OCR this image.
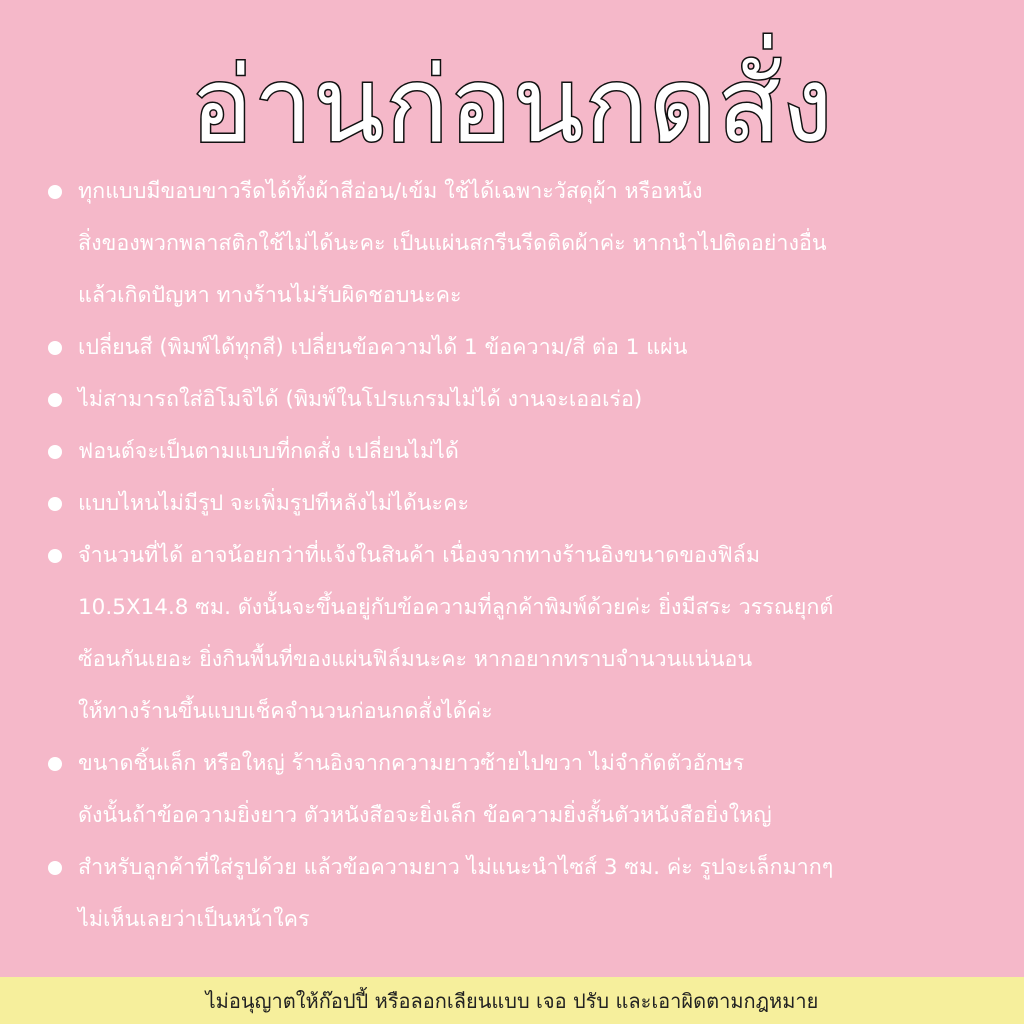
อ่านก่อนกดสั่ง
ทุกแบบมีขอบขาวรีดได้ทั้งผ้าสีอ่อน/เข้ม ใช้ได้เฉพาะวัสดุผ้า หรือหนัง
สิ่งของพวกพลาสติกใช้ไม่ได้นะคะ เป็นแผ่นสกรีนรีดติดผ้าค่ะ หากนำไปติดอย่างอื่น
แล้วเกิดปัญหา ทางร้านไม่รับผิดชอบนะคะ
เปลี่ยนสี (พิมพ์ได้ทุกสี) เปลี่ยนข้อความได้ 1 ข้อความ/สี ต่อ 1 แผ่น
ไม่สามารถใส่อิโมจิได้ (พิมพ์ในโปรแกรมไม่ได้ งานจะเออเร่อ)
ฟอนต์จะเป็นตามแบบที่กดสั่ง เปลี่ยนไม่ได้
แบบไหนไม่มีรูป จะเพิ่มรูปทีหลังไม่ได้นะคะ
จำนวนที่ได้ อาจน้อยกว่าที่แจ้งในสินค้า เนื่องจากทางร้านอิงขนาดของฟิล์ม
10.5X14.8 ซม. ดังนั้นจะขึ้นอยู่กับข้อความที่ลูกค้าพิมพ์ด้วยค่ะ ยิ่งมีสระ วรรณยุกต์
ซ้อนกันเยอะ ยิ่งกินพื้นที่ของแผ่นฟิล์มนะคะ หากอยากทราบจำนวนแน่นอน
ให้ทางร้านขึ้นแบบเช็คจำนวนก่อนกดสั่งได้ค่ะ
ขนาดชิ้นเล็ก หรือใหญ่ ร้านอิงจากความยาวซ้ายไปขวา ไม่จำกัดตัวอักษร
ดังนั้นถ้าข้อความยิ่งยาว ตัวหนังสือจะยิ่งเล็ก ข้อความยิ่งสั้นตัวหนังสือยิ่งใหญ่
สำหรับลูกค้าที่ใส่รูปด้วย แล้วข้อความยาว ไม่แนะนำไซส์ 3 ซม. ค่ะ รูปจะเล็กมากๆ
ไม่เห็นเลยว่าเป็นหน้าใคร
ไม่อนุญาตให้ก๊อปปี้ หรือลอกเลียนแบบ เจอ ปรับ และเอาผิดตามกฎหมาย
